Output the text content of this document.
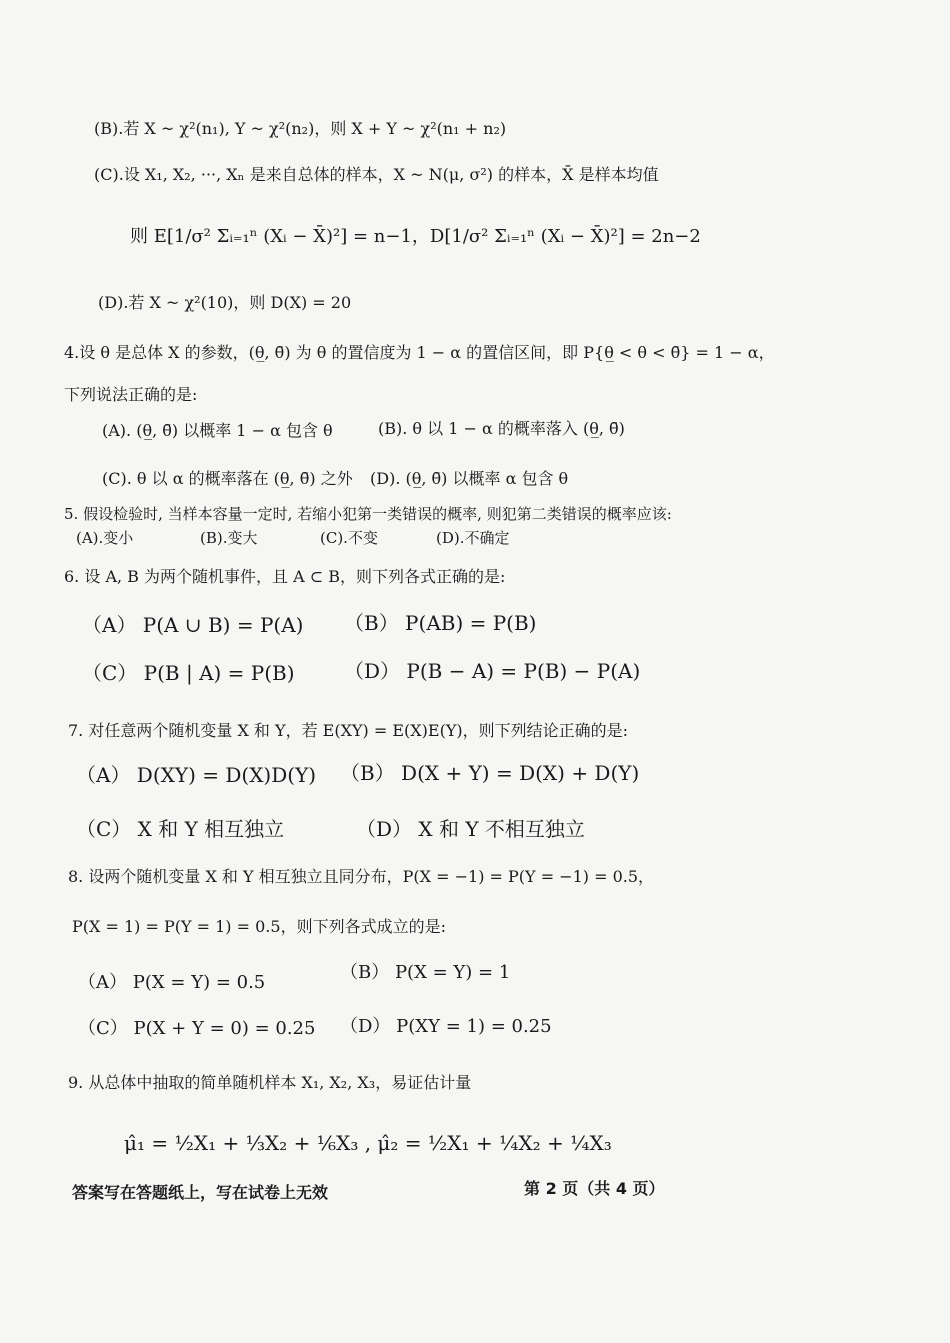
(B).若 X ~ χ²(n₁), Y ~ χ²(n₂)，则 X + Y ~ χ²(n₁ + n₂)
(C).设 X₁, X₂, ···, Xₙ 是来自总体的样本，X ~ N(μ, σ²) 的样本，X̄ 是样本均值
则 E[1/σ² Σᵢ₌₁ⁿ (Xᵢ − X̄)²] = n−1，D[1/σ² Σᵢ₌₁ⁿ (Xᵢ − X̄)²] = 2n−2
(D).若 X ~ χ²(10)，则 D(X) = 20
4.设 θ 是总体 X 的参数，(θ̲, θ̄) 为 θ 的置信度为 1 − α 的置信区间，即 P{θ̲ < θ < θ̄} = 1 − α，
下列说法正确的是:
(A). (θ̲, θ̄) 以概率 1 − α 包含 θ	(B). θ 以 1 − α 的概率落入 (θ̲, θ̄)
(C). θ 以 α 的概率落在 (θ̲, θ̄) 之外 (D). (θ̲, θ̄) 以概率 α 包含 θ
5. 假设检验时, 当样本容量一定时, 若缩小犯第一类错误的概率, 则犯第二类错误的概率应该:
(A).变小	(B).变大	(C).不变	(D).不确定
6. 设 A, B 为两个随机事件，且 A ⊂ B，则下列各式正确的是:
（A） P(A ∪ B) = P(A) （B） P(AB) = P(B)
（C） P(B | A) = P(B) （D） P(B − A) = P(B) − P(A)
7. 对任意两个随机变量 X 和 Y，若 E(XY) = E(X)E(Y)，则下列结论正确的是:
（A） D(XY) = D(X)D(Y) （B） D(X + Y) = D(X) + D(Y)
（C） X 和 Y 相互独立	（D） X 和 Y 不相互独立
8. 设两个随机变量 X 和 Y 相互独立且同分布，P(X = −1) = P(Y = −1) = 0.5，
P(X = 1) = P(Y = 1) = 0.5，则下列各式成立的是:
（A） P(X = Y) = 0.5	（B） P(X = Y) = 1
（C） P(X + Y = 0) = 0.25 （D） P(XY = 1) = 0.25
9. 从总体中抽取的简单随机样本 X₁, X₂, X₃，易证估计量
μ̂₁ = ½X₁ + ⅓X₂ + ⅙X₃ , μ̂₂ = ½X₁ + ¼X₂ + ¼X₃
答案写在答题纸上，写在试卷上无效	第 2 页（共 4 页）
